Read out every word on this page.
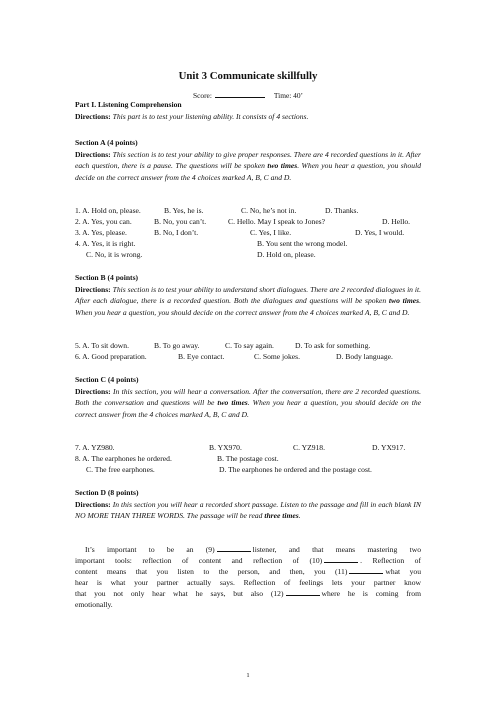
Unit 3 Communicate skillfully
Score:	Time: 40’
Part I. Listening Comprehension
Directions: This part is to test your listening ability. It consists of 4 sections.
Section A (4 points)
Directions: This section is to test your ability to give proper responses. There are 4 recorded questions in it. After each question, there is a pause. The questions will be spoken two times. When you hear a question, you should decide on the correct answer from the 4 choices marked A, B, C and D.
1. A. Hold on, please.	B. Yes, he is.	C. No, he’s not in.	D. Thanks.
2. A. Yes, you can.	B. No, you can’t.	C. Hello. May I speak to Jones?	D. Hello.
3. A. Yes, please.	B. No, I don’t.	C. Yes, I like.	D. Yes, I would.
4. A. Yes, it is right.	B. You sent the wrong model.
C. No, it is wrong.	D. Hold on, please.
Section B (4 points)
Directions: This section is to test your ability to understand short dialogues. There are 2 recorded dialogues in it. After each dialogue, there is a recorded question. Both the dialogues and questions will be spoken two times. When you hear a question, you should decide on the correct answer from the 4 choices marked A, B, C and D.
5. A. To sit down.	B. To go away.	C. To say again.	D. To ask for something.
6. A. Good preparation.	B. Eye contact.	C. Some jokes.	D. Body language.
Section C (4 points)
Directions: In this section, you will hear a conversation. After the conversation, there are 2 recorded questions. Both the conversation and questions will be two times. When you hear a question, you should decide on the correct answer from the 4 choices marked A, B, C and D.
7. A. YZ980.	B. YX970.	C. YZ918.	D. YX917.
8. A. The earphones he ordered.	B. The postage cost.
C. The free earphones.	D. The earphones he ordered and the postage cost.
Section D (8 points)
Directions: In this section you will hear a recorded short passage. Listen to the passage and fill in each blank IN NO MORE THAN THREE WORDS. The passage will be read three times.
It’s important to be an (9)	listener, and that means mastering two
important tools: reflection of content and reflection of (10)	. Reflection of
content means that you listen to the person, and then, you (11)	what you
hear is what your partner actually says. Reflection of feelings lets your partner know
that you not only hear what he says, but also (12)	where he is coming from
emotionally.
1
